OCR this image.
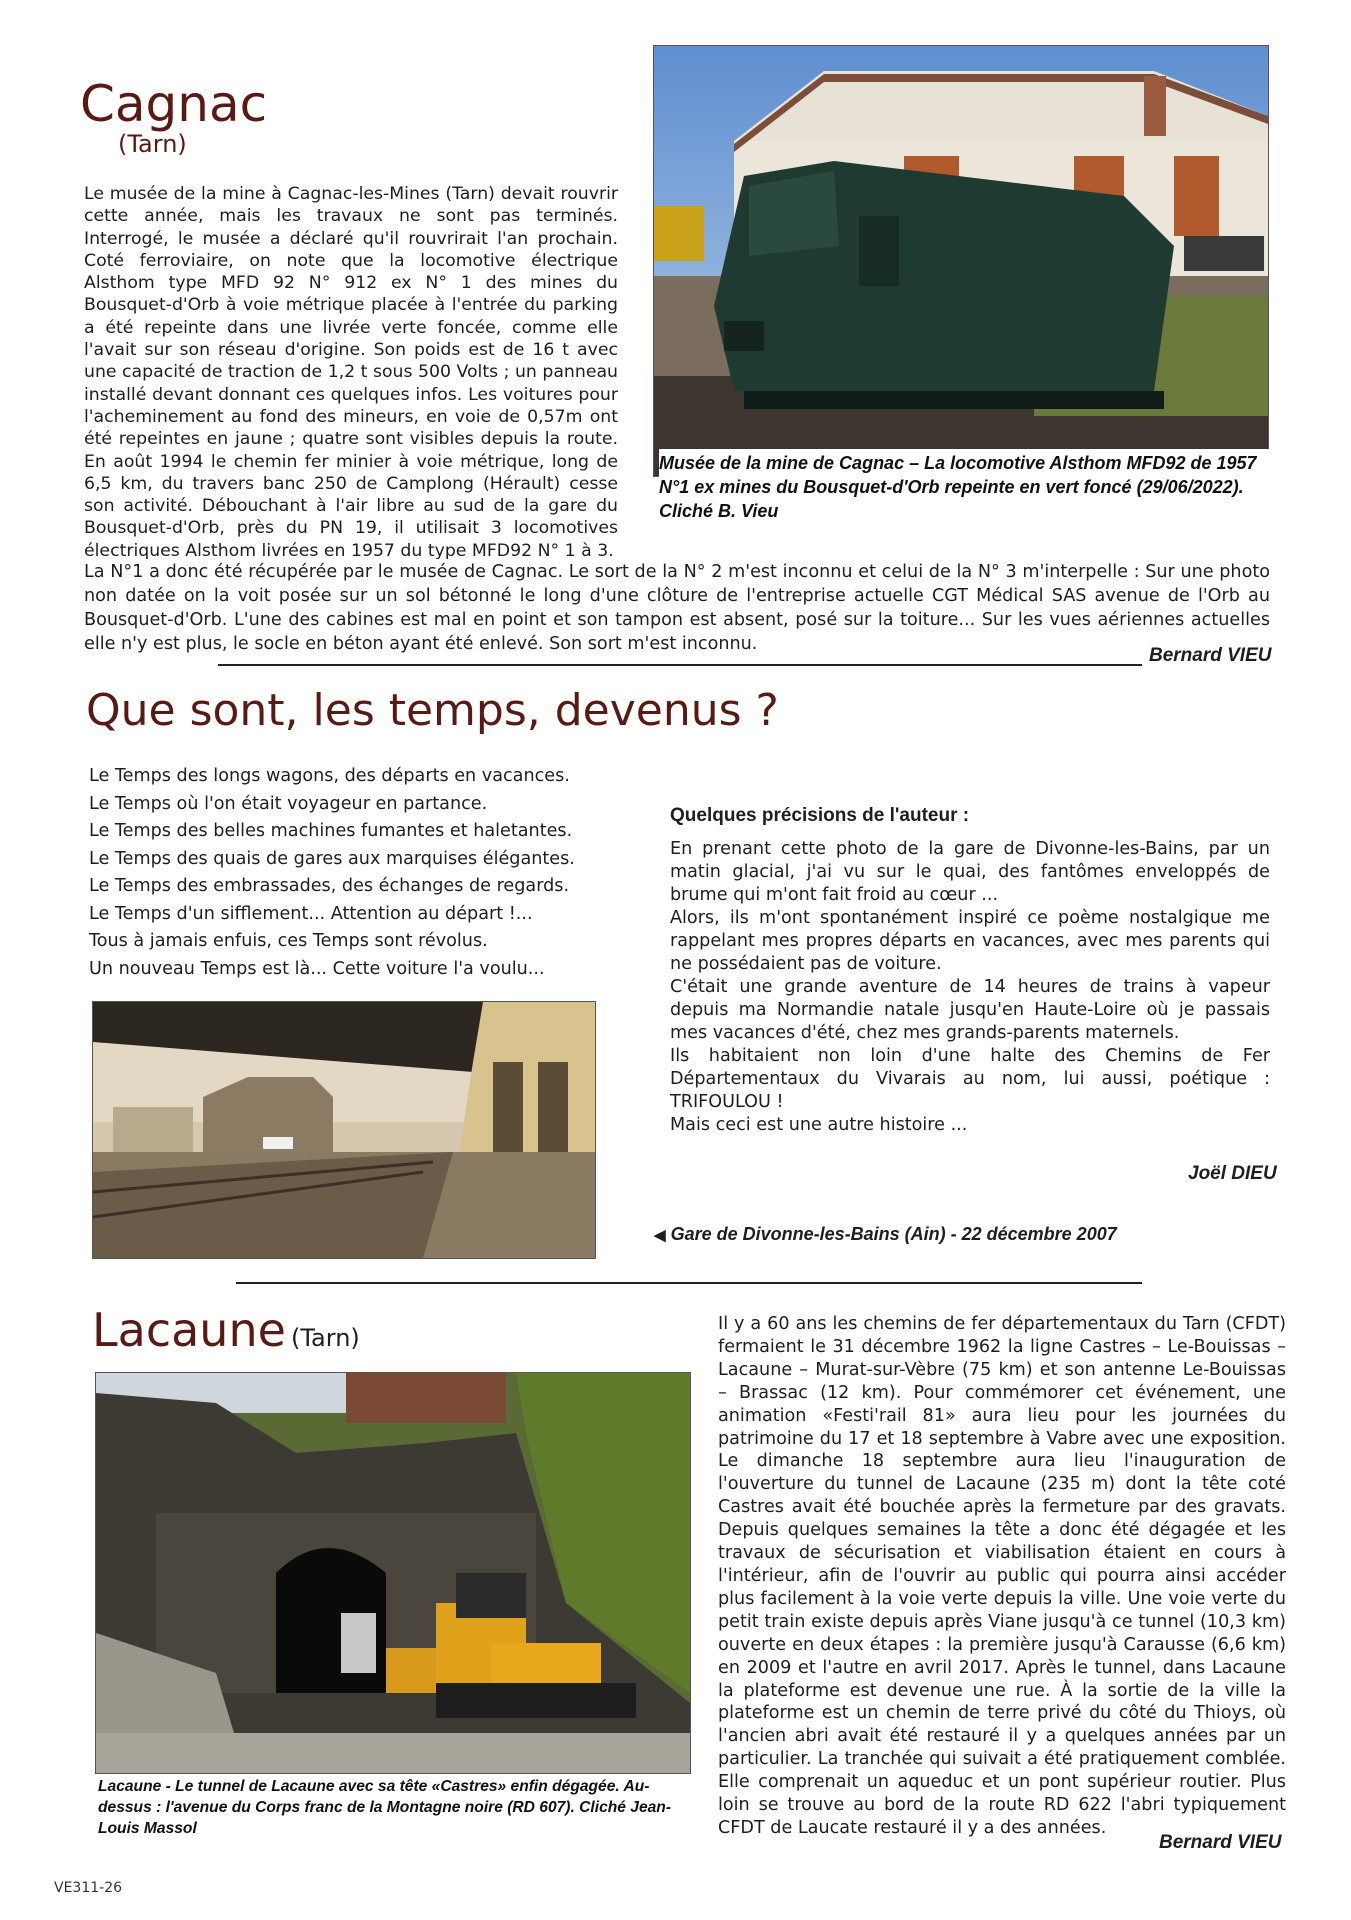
Cagnac
(Tarn)
Musée de la mine de Cagnac – La locomotive Alsthom MFD92 de 1957 N°1 ex mines du Bousquet-d'Orb repeinte en vert foncé (29/06/2022). Cliché B. Vieu

Le musée de la mine à Cagnac-les-Mines (Tarn) devait rouvrir cette année, mais les travaux ne sont pas terminés. Interrogé, le musée a déclaré qu'il rouvrirait l'an prochain. Coté ferroviaire, on note que la locomotive électrique Alsthom type MFD 92 N° 912 ex N° 1 des mines du Bousquet-d'Orb à voie métrique placée à l'entrée du parking a été repeinte dans une livrée verte foncée, comme elle l'avait sur son réseau d'origine. Son poids est de 16 t avec une capacité de traction de 1,2 t sous 500 Volts ; un panneau installé devant donnant ces quelques infos. Les voitures pour l'acheminement au fond des mineurs, en voie de 0,57m ont été repeintes en jaune ; quatre sont visibles depuis la route. En août 1994 le chemin fer minier à voie métrique, long de 6,5 km, du travers banc 250 de Camplong (Hérault) cesse son activité. Débouchant à l'air libre au sud de la gare du Bousquet-d'Orb, près du PN 19, il utilisait 3 locomotives électriques Alsthom livrées en 1957 du type MFD92 N° 1 à 3.

La N°1 a donc été récupérée par le musée de Cagnac. Le sort de la N° 2 m'est inconnu et celui de la N° 3 m'interpelle : Sur une photo non datée on la voit posée sur un sol bétonné le long d'une clôture de l'entreprise actuelle CGT Médical SAS avenue de l'Orb au Bousquet-d'Orb. L'une des cabines est mal en point et son tampon est absent, posé sur la toiture... Sur les vues aériennes actuelles elle n'y est plus, le socle en béton ayant été enlevé. Son sort m'est inconnu.

Bernard VIEU
Que sont, les temps, devenus ?

Le Temps des longs wagons, des départs en vacances.

Le Temps où l'on était voyageur en partance.

Le Temps des belles machines fumantes et haletantes.

Le Temps des quais de gares aux marquises élégantes.

Le Temps des embrassades, des échanges de regards.

Le Temps d'un sifflement... Attention au départ !...

Tous à jamais enfuis, ces Temps sont révolus.

Un nouveau Temps est là... Cette voiture l'a voulu...

Quelques précisions de l'auteur :

En prenant cette photo de la gare de Divonne-les-Bains, par un matin glacial, j'ai vu sur le quai, des fantômes enveloppés de brume qui m'ont fait froid au cœur ...

Alors, ils m'ont spontanément inspiré ce poème nostalgique me rappelant mes propres départs en vacances, avec mes parents qui ne possédaient pas de voiture.

C'était une grande aventure de 14 heures de trains à vapeur depuis ma Normandie natale jusqu'en Haute-Loire où je passais mes vacances d'été, chez mes grands-parents maternels.

Ils habitaient non loin d'une halte des Chemins de Fer Départementaux du Vivarais au nom, lui aussi, poétique : TRIFOULOU !

Mais ceci est une autre histoire ...

Joël DIEU
◀ Gare de Divonne-les-Bains (Ain) - 22 décembre 2007
Lacaune (Tarn)
Lacaune - Le tunnel de Lacaune avec sa tête «Castres» enfin dégagée. Au-dessus : l'avenue du Corps franc de la Montagne noire (RD 607). Cliché Jean-Louis Massol

Il y a 60 ans les chemins de fer départementaux du Tarn (CFDT) fermaient le 31 décembre 1962 la ligne Castres – Le-Bouissas – Lacaune – Murat-sur-Vèbre (75 km) et son antenne Le-Bouissas – Brassac (12 km). Pour commémorer cet événement, une animation «Festi'rail 81» aura lieu pour les journées du patrimoine du 17 et 18 septembre à Vabre avec une exposition. Le dimanche 18 septembre aura lieu l'inauguration de l'ouverture du tunnel de Lacaune (235 m) dont la tête coté Castres avait été bouchée après la fermeture par des gravats. Depuis quelques semaines la tête a donc été dégagée et les travaux de sécurisation et viabilisation étaient en cours à l'intérieur, afin de l'ouvrir au public qui pourra ainsi accéder plus facilement à la voie verte depuis la ville. Une voie verte du petit train existe depuis après Viane jusqu'à ce tunnel (10,3 km) ouverte en deux étapes : la première jusqu'à Carausse (6,6 km) en 2009 et l'autre en avril 2017. Après le tunnel, dans Lacaune la plateforme est devenue une rue. À la sortie de la ville la plateforme est un chemin de terre privé du côté du Thioys, où l'ancien abri avait été restauré il y a quelques années par un particulier. La tranchée qui suivait a été pratiquement comblée. Elle comprenait un aqueduc et un pont supérieur routier. Plus loin se trouve au bord de la route RD 622 l'abri typiquement CFDT de Laucate restauré il y a des années.

Bernard VIEU
VE311-26
